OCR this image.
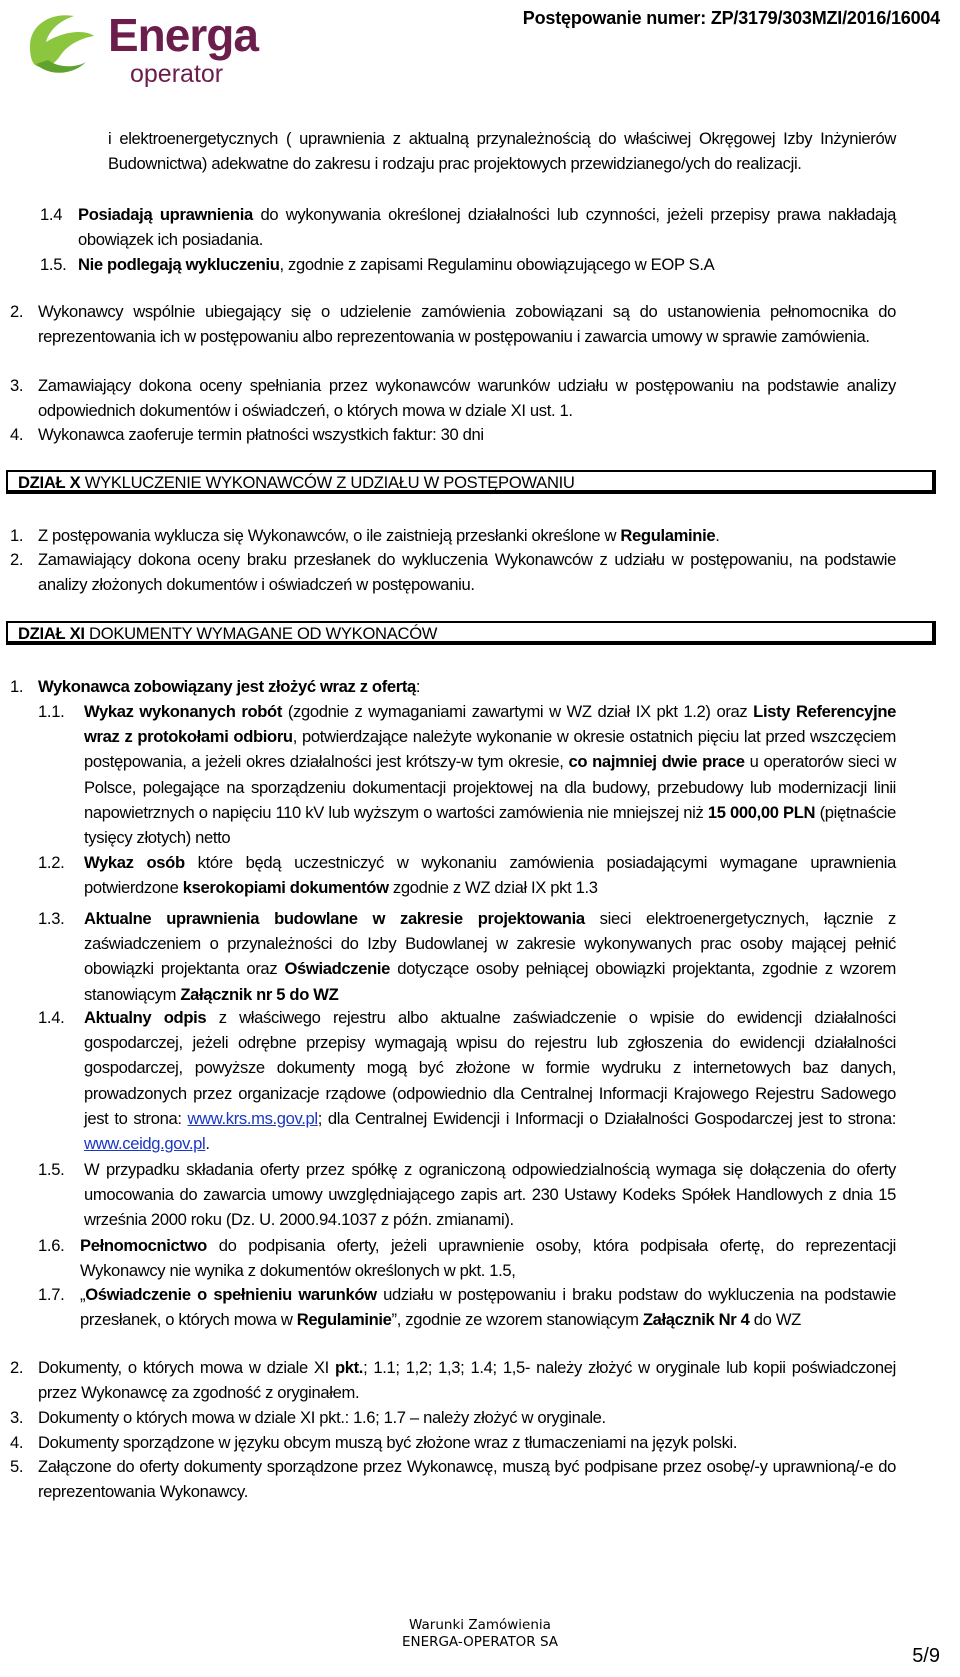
Energa
operator
Postępowanie numer: ZP/3179/303MZI/2016/16004
i elektroenergetycznych ( uprawnienia z aktualną przynależnością do właściwej Okręgowej Izby Inżynierów Budownictwa) adekwatne do zakresu i rodzaju prac projektowych przewidzianego/ych do realizacji.
1.4 Posiadają uprawnienia do wykonywania określonej działalności lub czynności, jeżeli przepisy prawa nakładają obowiązek ich posiadania.
1.5. Nie podlegają wykluczeniu, zgodnie z zapisami Regulaminu obowiązującego w EOP S.A
2. Wykonawcy wspólnie ubiegający się o udzielenie zamówienia zobowiązani są do ustanowienia pełnomocnika do reprezentowania ich w postępowaniu albo reprezentowania w postępowaniu i zawarcia umowy w sprawie zamówienia.
3. Zamawiający dokona oceny spełniania przez wykonawców warunków udziału w postępowaniu na podstawie analizy odpowiednich dokumentów i oświadczeń, o których mowa w dziale XI ust. 1.
4. Wykonawca zaoferuje termin płatności wszystkich faktur: 30 dni
DZIAŁ X WYKLUCZENIE WYKONAWCÓW Z UDZIAŁU W POSTĘPOWANIU
1. Z postępowania wyklucza się Wykonawców, o ile zaistnieją przesłanki określone w Regulaminie.
2. Zamawiający dokona oceny braku przesłanek do wykluczenia Wykonawców z udziału w postępowaniu, na podstawie analizy złożonych dokumentów i oświadczeń w postępowaniu.
DZIAŁ XI DOKUMENTY WYMAGANE OD WYKONACÓW
1. Wykonawca zobowiązany jest złożyć wraz z ofertą:
1.1. Wykaz wykonanych robót (zgodnie z wymaganiami zawartymi w WZ dział IX pkt 1.2) oraz Listy Referencyjne wraz z protokołami odbioru, potwierdzające należyte wykonanie w okresie ostatnich pięciu lat przed wszczęciem postępowania, a jeżeli okres działalności jest krótszy-w tym okresie, co najmniej dwie prace u operatorów sieci w Polsce, polegające na sporządzeniu dokumentacji projektowej na dla budowy, przebudowy lub modernizacji linii napowietrznych o napięciu 110 kV lub wyższym o wartości zamówienia nie mniejszej niż 15 000,00 PLN (piętnaście tysięcy złotych) netto
1.2. Wykaz osób które będą uczestniczyć w wykonaniu zamówienia posiadającymi wymagane uprawnienia potwierdzone kserokopiami dokumentów zgodnie z WZ dział IX pkt 1.3
1.3. Aktualne uprawnienia budowlane w zakresie projektowania sieci elektroenergetycznych, łącznie z zaświadczeniem o przynależności do Izby Budowlanej w zakresie wykonywanych prac osoby mającej pełnić obowiązki projektanta oraz Oświadczenie dotyczące osoby pełniącej obowiązki projektanta, zgodnie z wzorem stanowiącym Załącznik nr 5 do WZ
1.4. Aktualny odpis z właściwego rejestru albo aktualne zaświadczenie o wpisie do ewidencji działalności gospodarczej, jeżeli odrębne przepisy wymagają wpisu do rejestru lub zgłoszenia do ewidencji działalności gospodarczej, powyższe dokumenty mogą być złożone w formie wydruku z internetowych baz danych, prowadzonych przez organizacje rządowe (odpowiednio dla Centralnej Informacji Krajowego Rejestru Sadowego jest to strona: www.krs.ms.gov.pl; dla Centralnej Ewidencji i Informacji o Działalności Gospodarczej jest to strona: www.ceidg.gov.pl.
1.5. W przypadku składania oferty przez spółkę z ograniczoną odpowiedzialnością wymaga się dołączenia do oferty umocowania do zawarcia umowy uwzględniającego zapis art. 230 Ustawy Kodeks Spółek Handlowych z dnia 15 września 2000 roku (Dz. U. 2000.94.1037 z późn. zmianami).
1.6. Pełnomocnictwo do podpisania oferty, jeżeli uprawnienie osoby, która podpisała ofertę, do reprezentacji Wykonawcy nie wynika z dokumentów określonych w pkt. 1.5,
1.7. „Oświadczenie o spełnieniu warunków udziału w postępowaniu i braku podstaw do wykluczenia na podstawie przesłanek, o których mowa w Regulaminie”, zgodnie ze wzorem stanowiącym Załącznik Nr 4 do WZ
2. Dokumenty, o których mowa w dziale XI pkt.; 1.1; 1,2; 1,3; 1.4; 1,5- należy złożyć w oryginale lub kopii poświadczonej przez Wykonawcę za zgodność z oryginałem.
3. Dokumenty o których mowa w dziale XI pkt.: 1.6; 1.7 – należy złożyć w oryginale.
4. Dokumenty sporządzone w języku obcym muszą być złożone wraz z tłumaczeniami na język polski.
5. Załączone do oferty dokumenty sporządzone przez Wykonawcę, muszą być podpisane przez osobę/-y uprawnioną/-e do reprezentowania Wykonawcy.
Warunki Zamówienia
ENERGA-OPERATOR SA
5/9
